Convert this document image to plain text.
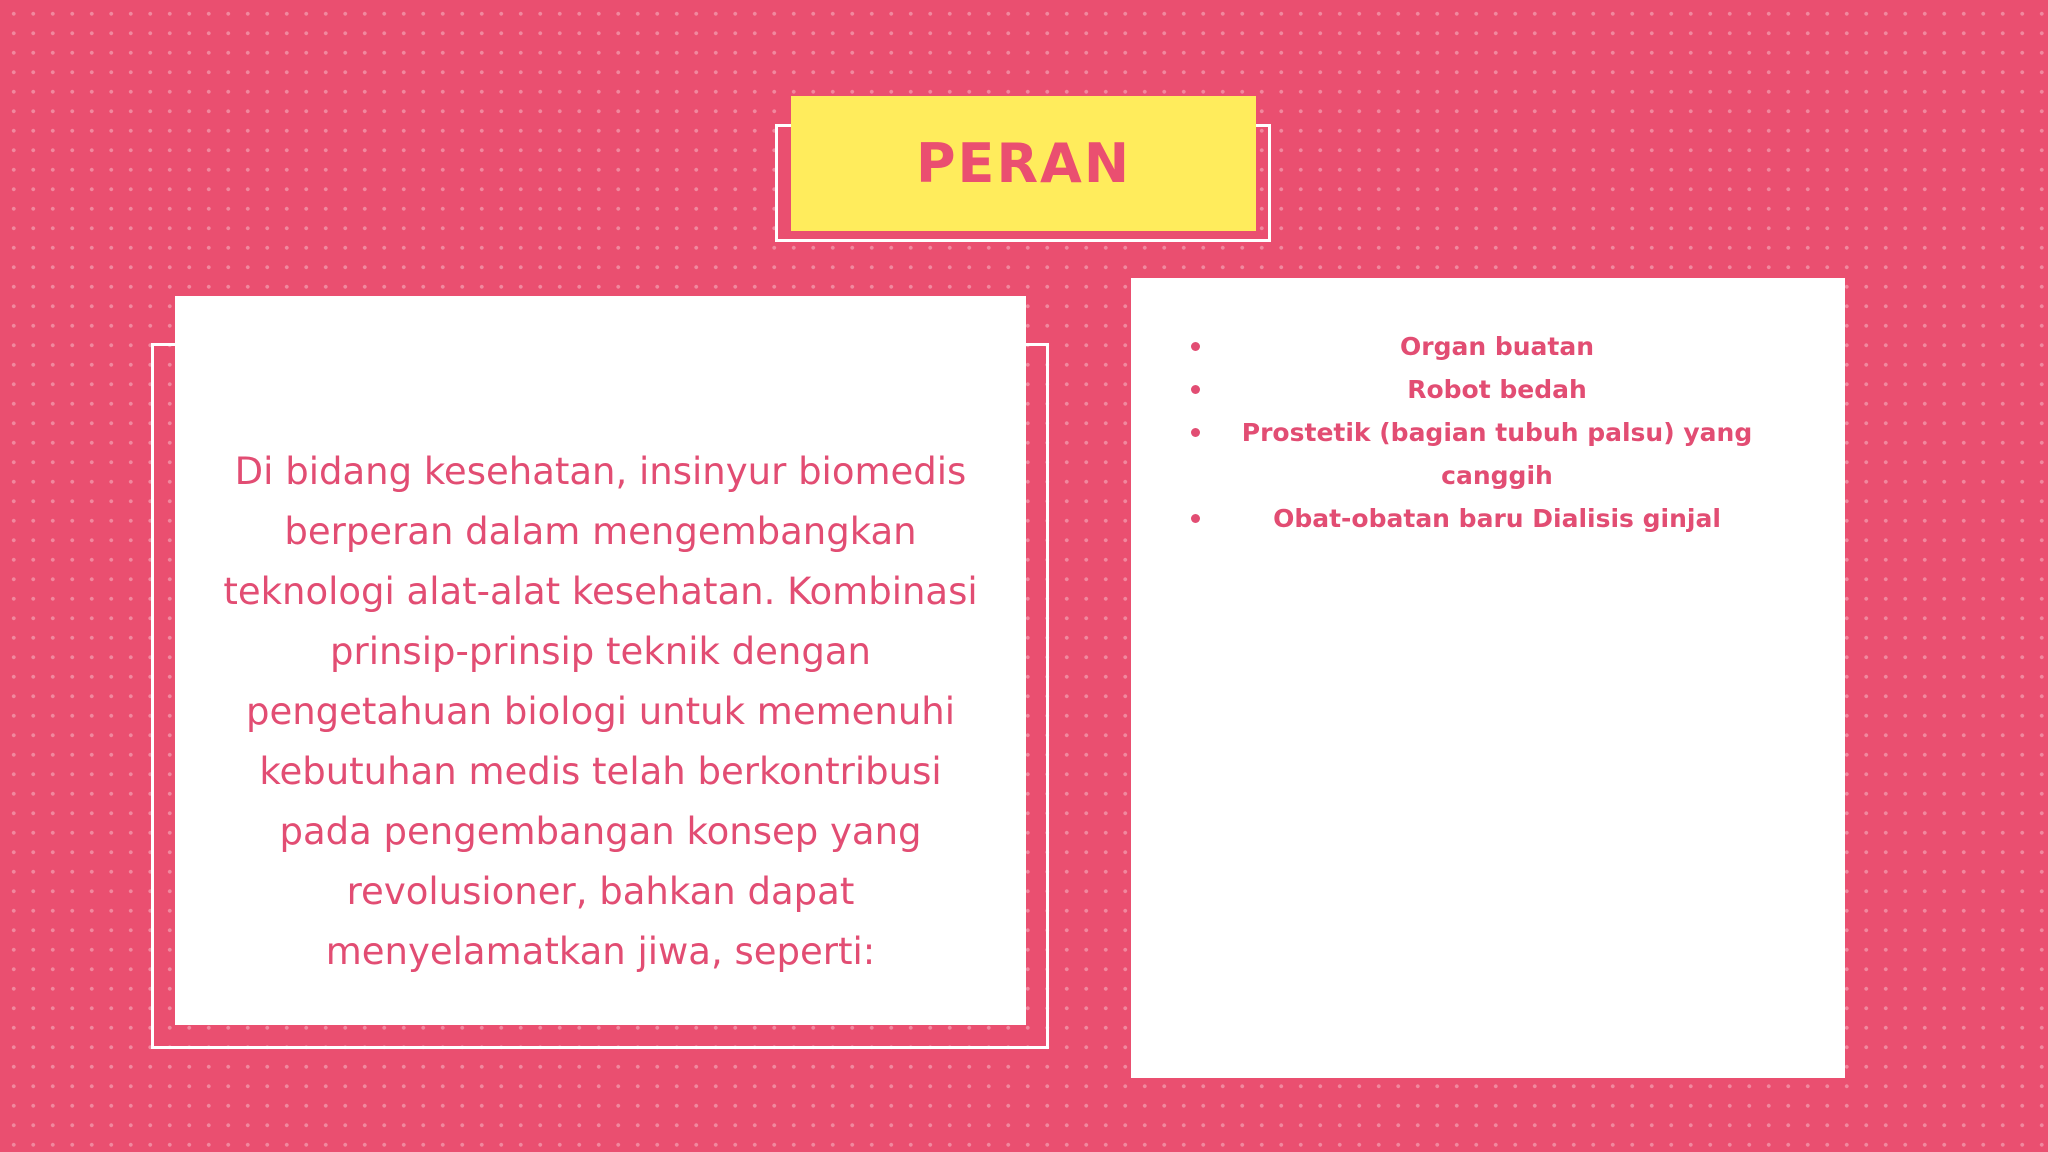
PERAN

Di bidang kesehatan, insinyur biomedis berperan dalam mengembangkan teknologi alat-alat kesehatan. Kombinasi prinsip-prinsip teknik dengan pengetahuan biologi untuk memenuhi kebutuhan medis telah berkontribusi pada pengembangan konsep yang revolusioner, bahkan dapat menyelamatkan jiwa, seperti:

Organ buatan
Robot bedah
Prostetik (bagian tubuh palsu) yang canggih
Obat-obatan baru Dialisis ginjal
